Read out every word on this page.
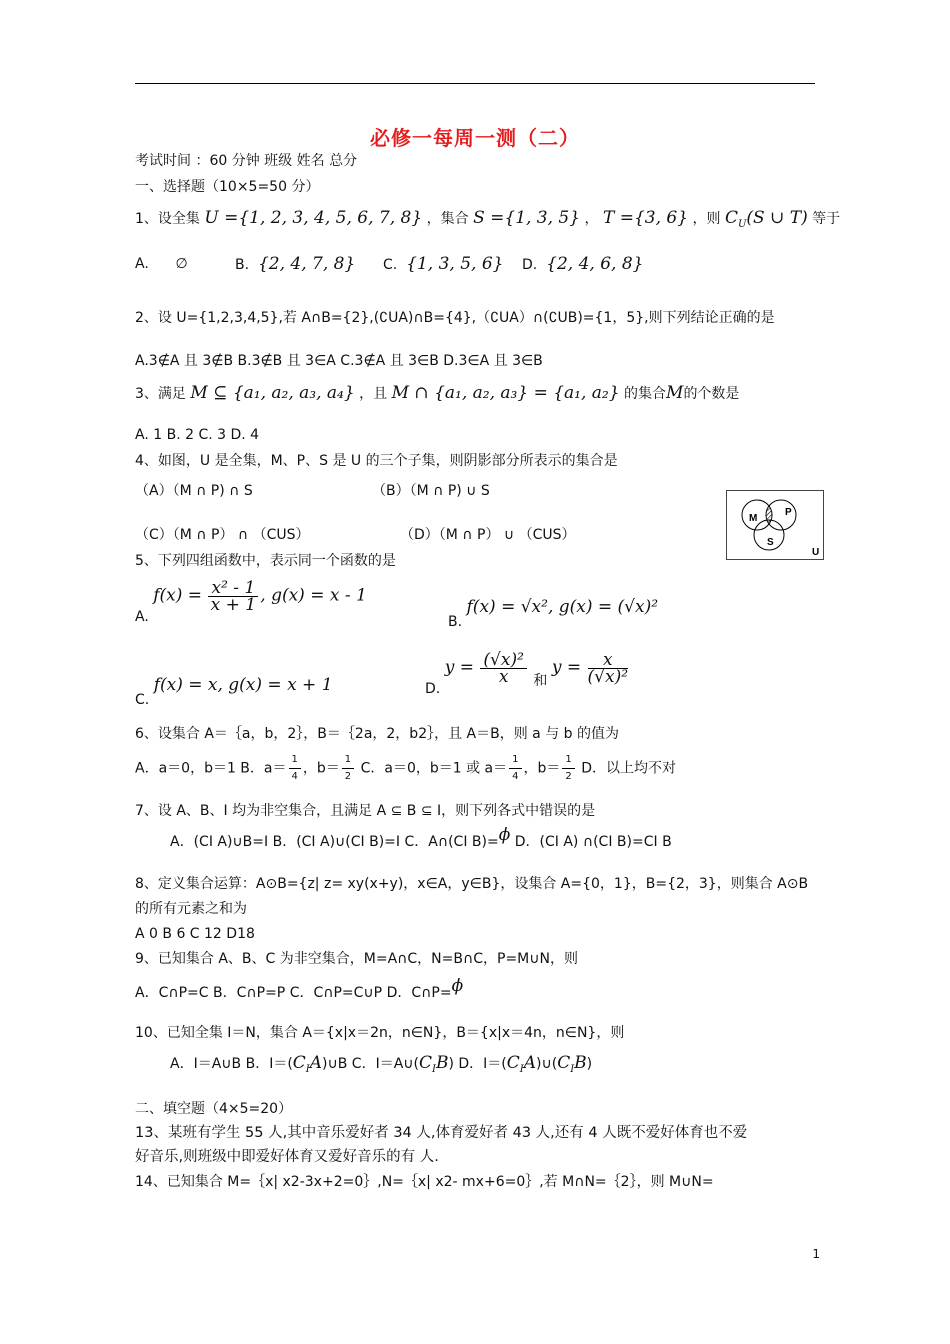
必修一每周一测（二）
考试时间 ：60 分钟 班级 姓名 总分
一、选择题（10×5=50 分）
1、设全集 U ={1, 2, 3, 4, 5, 6, 7, 8} ，集合 S ={1, 3, 5} ， T ={3, 6} ，则 $C_U(S$ ∪ T) 等于
A. ∅	B. {2, 4, 7, 8} C. {1, 3, 5, 6} D. {2, 4, 6, 8}
2、设 U={1,2,3,4,5},若 A∩B={2},(∁UA)∩B={4},（∁UA）∩(∁UB)={1，5},则下列结论正确的是
A.3∉A 且 3∉B B.3∉B 且 3∈A C.3∉A 且 3∈B D.3∈A 且 3∈B
3、满足 M ⊆ {a₁, a₂, a₃, a₄} ，且 M ∩ {a₁, a₂, a₃} = {a₁, a₂} 的集合M的个数是
A. 1 B. 2 C. 3 D. 4
4、如图，U 是全集，M、P、S 是 U 的三个子集，则阴影部分所表示的集合是
（A）（M ∩ P) ∩ S	（B）（M ∩ P) ∪ S
（C）（M ∩ P） ∩ （CUS）	（D）（M ∩ P） ∪ （CUS）
M
P
S
U
5、下列四组函数中，表示同一个函数的是
A. $f(x) = \frac{\text{x² - 1}}{x + 1}$ , g(x) = x - 1
B. f(x) = √x², g(x) = (√x)²
C. f(x) = x, g(x) = x + 1	D. $y = \frac{\text{(√x)²}}{x}$ 和 $y = \frac{x}{\text{(√x)²}}$
6、设集合 A＝｛a，b，2｝，B＝｛2a，2，b2｝，且 A＝B，则 a 与 b 的值为
A．a＝0，b＝1 B．$a= \frac{1}{4}$ ，$b= \frac{1}{2}$ C．a＝0，b＝1 或 $a= \frac{1}{4}$ ，$b= \frac{1}{2}$ D．以上均不对
7、设 A、B、I 均为非空集合，且满足 A ⊆ B ⊆ I，则下列各式中错误的是
A．(CI A)∪B=I B．(CI A)∪(CI B)=I C．A∩(CI B)=ϕ D．(CI A) ∩(CI B)=CI B
8、定义集合运算：A⊙B={z| z= xy(x+y)，x∈A，y∈B}，设集合 A={0，1}，B={2，3}，则集合 A⊙B
的所有元素之和为
A 0 B 6 C 12 D18
9、已知集合 A、B、C 为非空集合，M=A∩C，N=B∩C，P=M∪N，则
A．C∩P=C B．C∩P=P C．C∩P=C∪P D．C∩P=ϕ
10、已知全集 I＝N，集合 A＝{x|x＝2n，n∈N}，B＝{x|x＝4n，n∈N}，则
A．I＝A∪B B．$I=(C_IA)\cup B$ C．$I=A\cup(C_IB)$ D．$I=(C_IA)\cup(C_IB)$
二、填空题（4×5=20）
13、某班有学生 55 人,其中音乐爱好者 34 人,体育爱好者 43 人,还有 4 人既不爱好体育也不爱
好音乐,则班级中即爱好体育又爱好音乐的有 人.
14、已知集合 M=｛x| x2-3x+2=0｝,N=｛x| x2- mx+6=0｝,若 M∩N=｛2｝，则 M∪N=
1
